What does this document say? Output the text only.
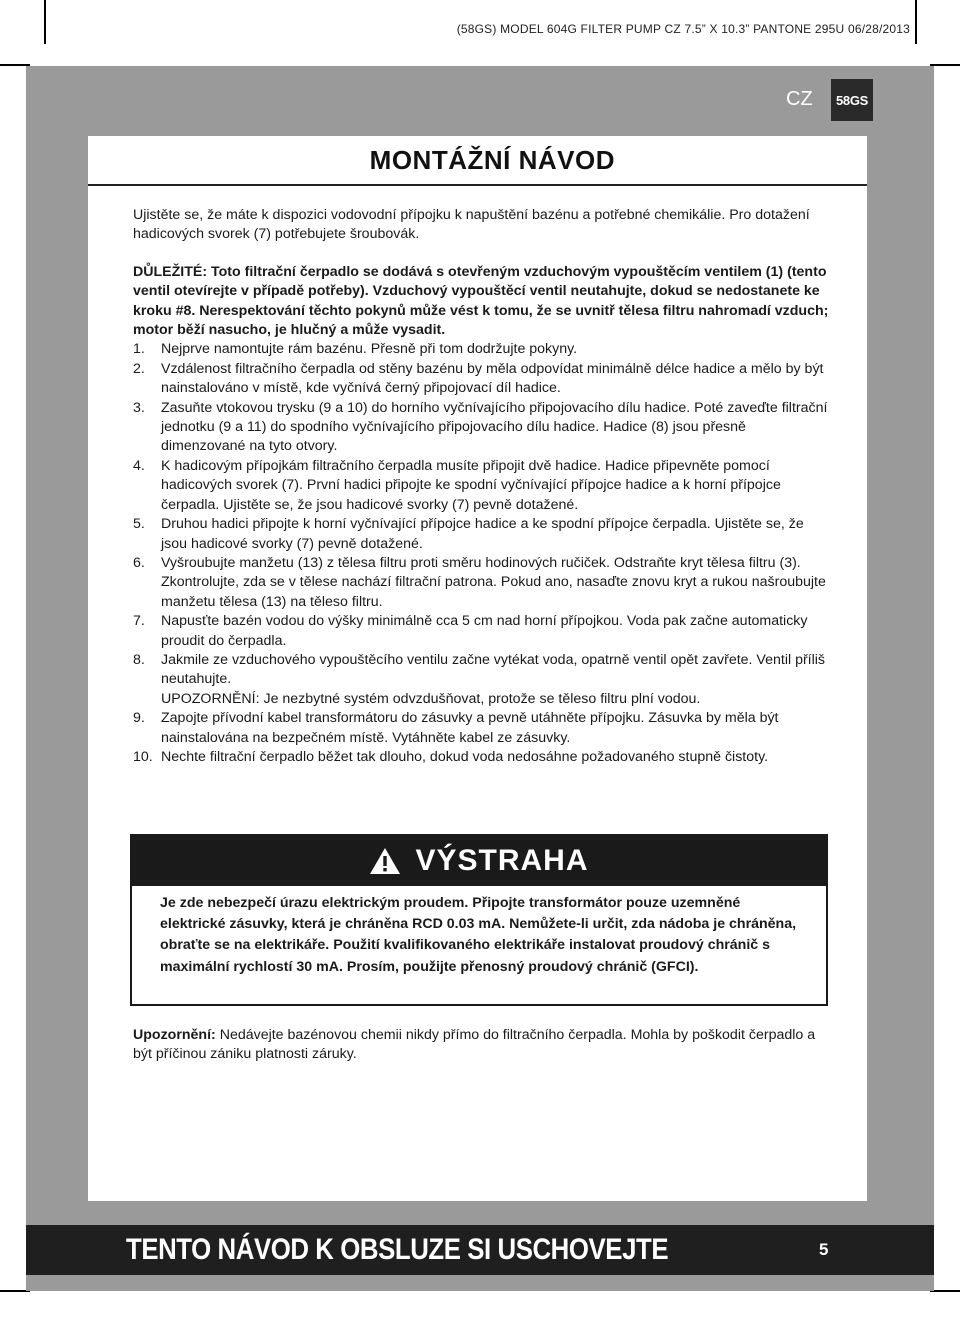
(58GS) MODEL 604G FILTER PUMP CZ 7.5” X 10.3” PANTONE 295U 06/28/2013
CZ	58GS
MONTÁŽNÍ NÁVOD

Ujistěte se, že máte k dispozici vodovodní přípojku k napuštění bazénu a potřebné chemikálie. Pro dotažení hadicových svorek (7) potřebujete šroubovák.

DŮLEŽITÉ: Toto filtrační čerpadlo se dodává s otevřeným vzduchovým vypouštěcím ventilem (1) (tento ventil otevírejte v případě potřeby). Vzduchový vypouštěcí ventil neutahujte, dokud se nedostanete ke kroku #8. Nerespektování těchto pokynů může vést k tomu, že se uvnitř tělesa filtru nahromadí vzduch; motor běží nasucho, je hlučný a může vysadit.

1.	Nejprve namontujte rám bazénu. Přesně při tom dodržujte pokyny.
2.	Vzdálenost filtračního čerpadla od stěny bazénu by měla odpovídat minimálně délce hadice a mělo by být nainstalováno v místě, kde vyčnívá černý připojovací díl hadice.
3.	Zasuňte vtokovou trysku (9 a 10) do horního vyčnívajícího připojovacího dílu hadice. Poté zaveďte filtrační jednotku (9 a 11) do spodního vyčnívajícího připojovacího dílu hadice. Hadice (8) jsou přesně dimenzované na tyto otvory.
4.	K hadicovým přípojkám filtračního čerpadla musíte připojit dvě hadice. Hadice připevněte pomocí hadicových svorek (7). První hadici připojte ke spodní vyčnívající přípojce hadice a k horní přípojce čerpadla. Ujistěte se, že jsou hadicové svorky (7) pevně dotažené.
5.	Druhou hadici připojte k horní vyčnívající přípojce hadice a ke spodní přípojce čerpadla. Ujistěte se, že jsou hadicové svorky (7) pevně dotažené.
6.	Vyšroubujte manžetu (13) z tělesa filtru proti směru hodinových ručiček. Odstraňte kryt tělesa filtru (3). Zkontrolujte, zda se v tělese nachází filtrační patrona. Pokud ano, nasaďte znovu kryt a rukou našroubujte manžetu tělesa (13) na těleso filtru.
7.	Napusťte bazén vodou do výšky minimálně cca 5 cm nad horní přípojkou. Voda pak začne automaticky proudit do čerpadla.
8.	Jakmile ze vzduchového vypouštěcího ventilu začne vytékat voda, opatrně ventil opět zavřete. Ventil příliš neutahujte.
UPOZORNĚNÍ: Je nezbytné systém odvzdušňovat, protože se těleso filtru plní vodou.
9.	Zapojte přívodní kabel transformátoru do zásuvky a pevně utáhněte přípojku. Zásuvka by měla být nainstalována na bezpečném místě. Vytáhněte kabel ze zásuvky.
10. Nechte filtrační čerpadlo běžet tak dlouho, dokud voda nedosáhne požadovaného stupně čistoty.
VÝSTRAHA
Je zde nebezpečí úrazu elektrickým proudem. Připojte transformátor pouze uzemněné elektrické zásuvky, která je chráněna RCD 0.03 mA. Nemůžete-li určit, zda nádoba je chráněna, obraťte se na elektrikáře. Použití kvalifikovaného elektrikáře instalovat proudový chránič s maximální rychlostí 30 mA. Prosím, použijte přenosný proudový chránič (GFCI).
Upozornění: Nedávejte bazénovou chemii nikdy přímo do filtračního čerpadla. Mohla by poškodit čerpadlo a být příčinou zániku platnosti záruky.
TENTO NÁVOD K OBSLUZE SI USCHOVEJTE	5
